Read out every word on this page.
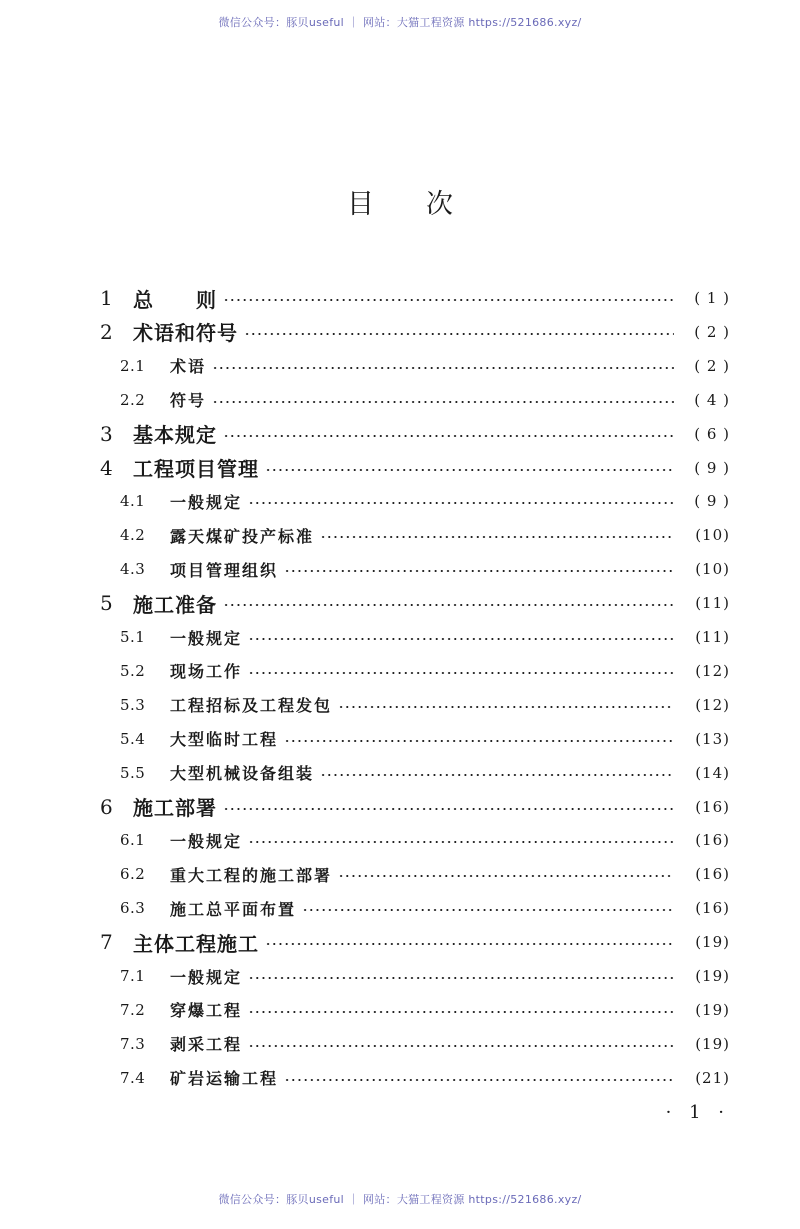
微信公众号：豚贝useful ｜ 网站：大猫工程资源 https://521686.xyz/
目次
1	总　　则	( 1 )
2	术语和符号	( 2 )
2.1	术语	( 2 )
2.2	符号	( 4 )
3	基本规定	( 6 )
4	工程项目管理	( 9 )
4.1	一般规定	( 9 )
4.2	露天煤矿投产标准	(10)
4.3	项目管理组织	(10)
5	施工准备	(11)
5.1	一般规定	(11)
5.2	现场工作	(12)
5.3	工程招标及工程发包	(12)
5.4	大型临时工程	(13)
5.5	大型机械设备组装	(14)
6	施工部署	(16)
6.1	一般规定	(16)
6.2	重大工程的施工部署	(16)
6.3	施工总平面布置	(16)
7	主体工程施工	(19)
7.1	一般规定	(19)
7.2	穿爆工程	(19)
7.3	剥采工程	(19)
7.4	矿岩运输工程	(21)
· 1 ·
微信公众号：豚贝useful ｜ 网站：大猫工程资源 https://521686.xyz/
